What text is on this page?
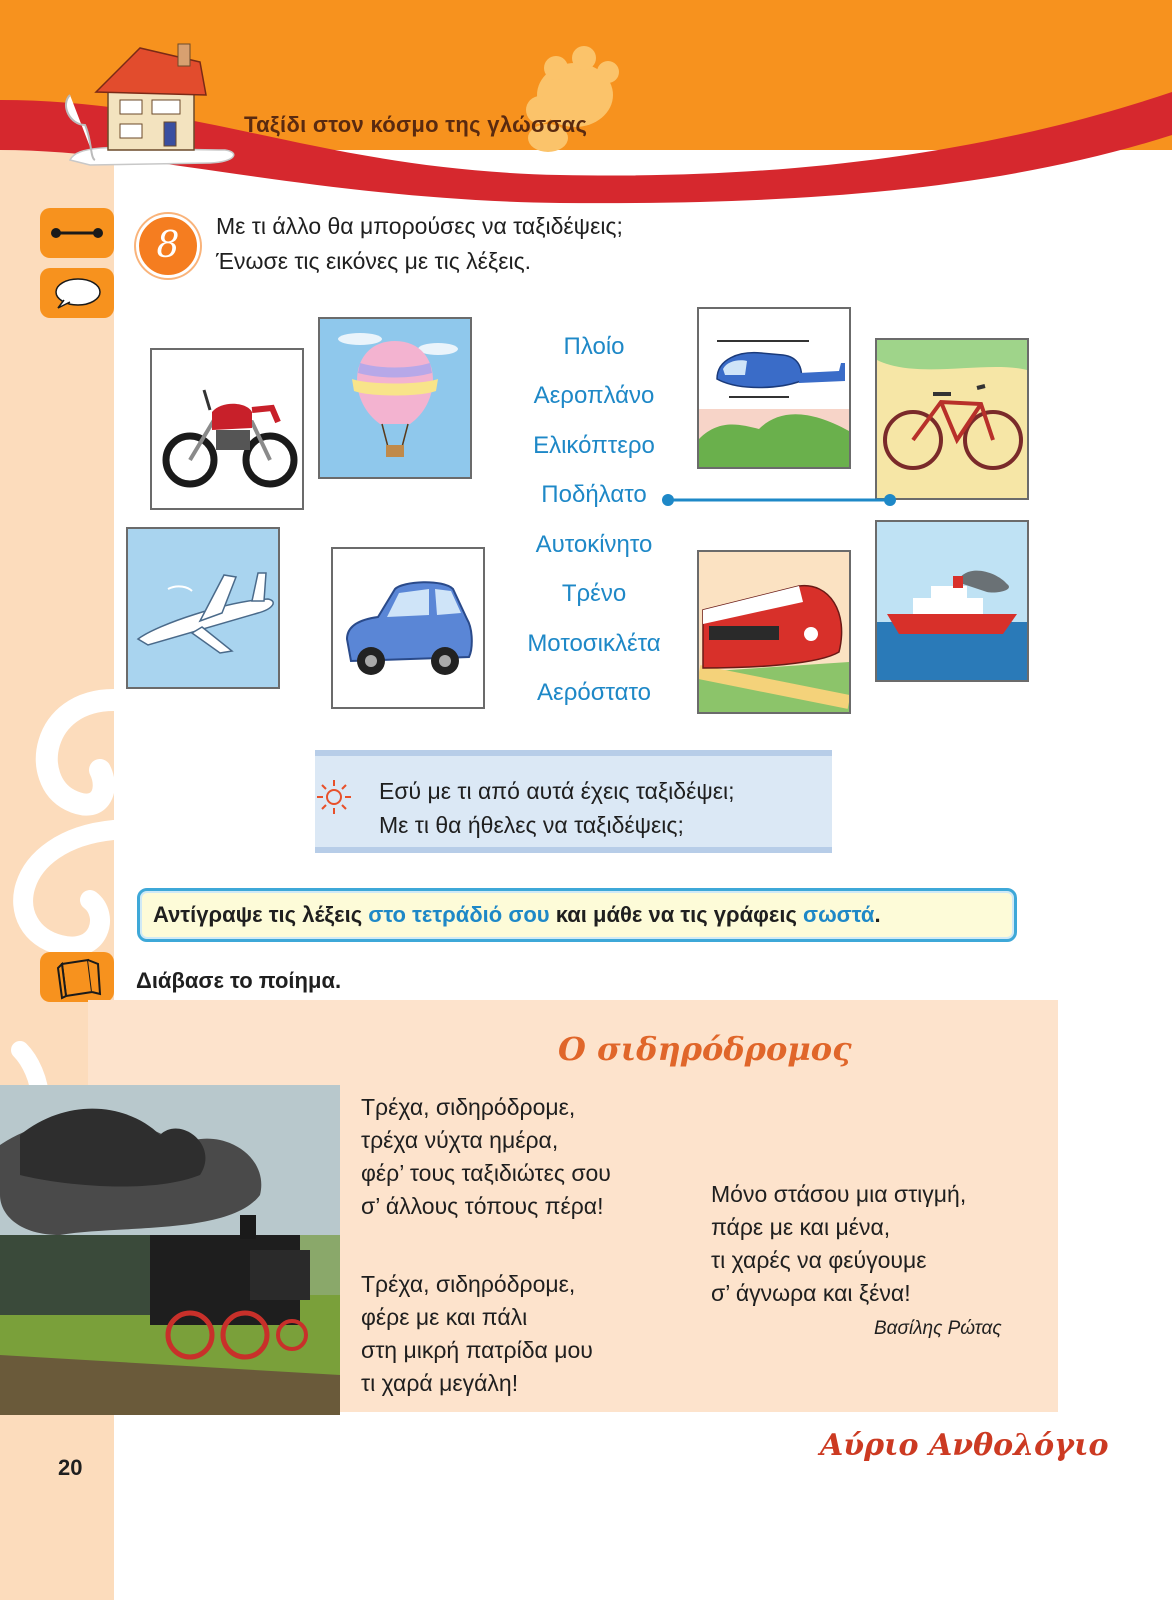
Ταξίδι στον κόσμο της γλώσσας
8	Με τι άλλο θα μπορούσες να ταξιδέψεις;
Ένωσε τις εικόνες με τις λέξεις.
Πλοίο
Αεροπλάνο
Ελικόπτερο
Ποδήλατο
Αυτοκίνητο
Τρένο
Μοτοσικλέτα
Αερόστατο
Εσύ με τι από αυτά έχεις ταξιδέψει;
Με τι θα ήθελες να ταξιδέψεις;
Αντίγραψε τις λέξεις στο τετράδιό σου και μάθε να τις γράφεις σωστά.
Διάβασε το ποίημα.
Ο σιδηρόδρομος
Τρέχα, σιδηρόδρομε,
τρέχα νύχτα ημέρα,
φέρ’ τους ταξιδιώτες σου
σ’ άλλους τόπους πέρα!
Τρέχα, σιδηρόδρομε,
φέρε με και πάλι
στη μικρή πατρίδα μου
τι χαρά μεγάλη!
Μόνο στάσου μια στιγμή,
πάρε με και μένα,
τι χαρές να φεύγουμε
σ’ άγνωρα και ξένα!
Βασίλης Ρώτας
20
Αύριο Ανθολόγιο
